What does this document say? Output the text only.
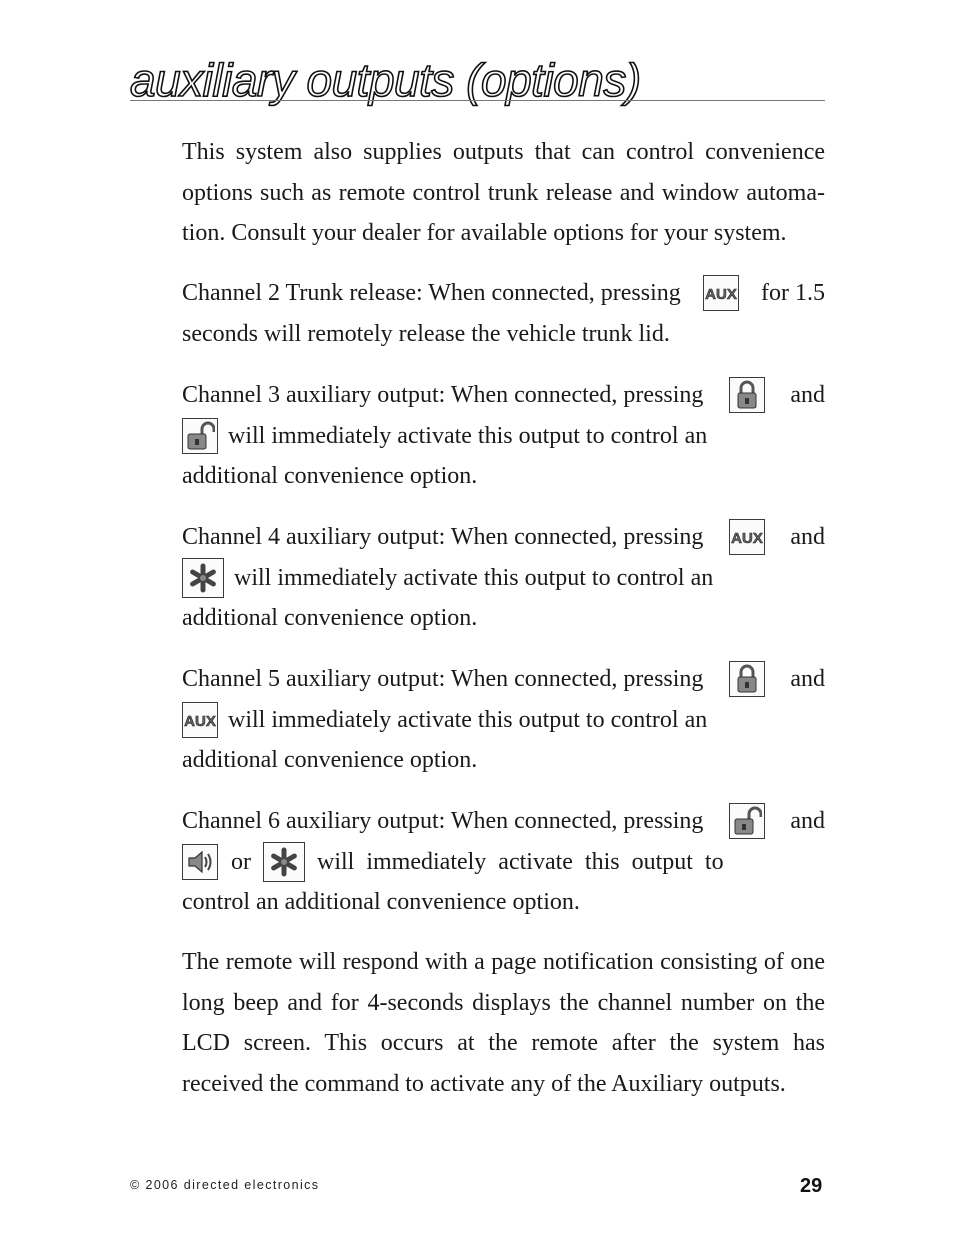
auxiliary outputs (options)

This system also supplies outputs that can control convenience options such as remote control trunk release and window automa-tion. Consult your dealer for available options for your system.

Channel 2 Trunk release: When connected, pressing AUX for 1.5
seconds will remotely release the vehicle trunk lid.
Channel 3 auxiliary output: When connected, pressing	and
will immediately activate this output to control an
additional convenience option.
Channel 4 auxiliary output: When connected, pressing AUX and
will immediately activate this output to control an
additional convenience option.
Channel 5 auxiliary output: When connected, pressing	and
AUX will immediately activate this output to control an
additional convenience option.
Channel 6 auxiliary output: When connected, pressing	and
or	will immediately activate this output to
control an additional convenience option.

The remote will respond with a page notification consisting of one long beep and for 4-seconds displays the channel number on the LCD screen. This occurs at the remote after the system has received the command to activate any of the Auxiliary outputs.

© 2006 directed electronics	29
